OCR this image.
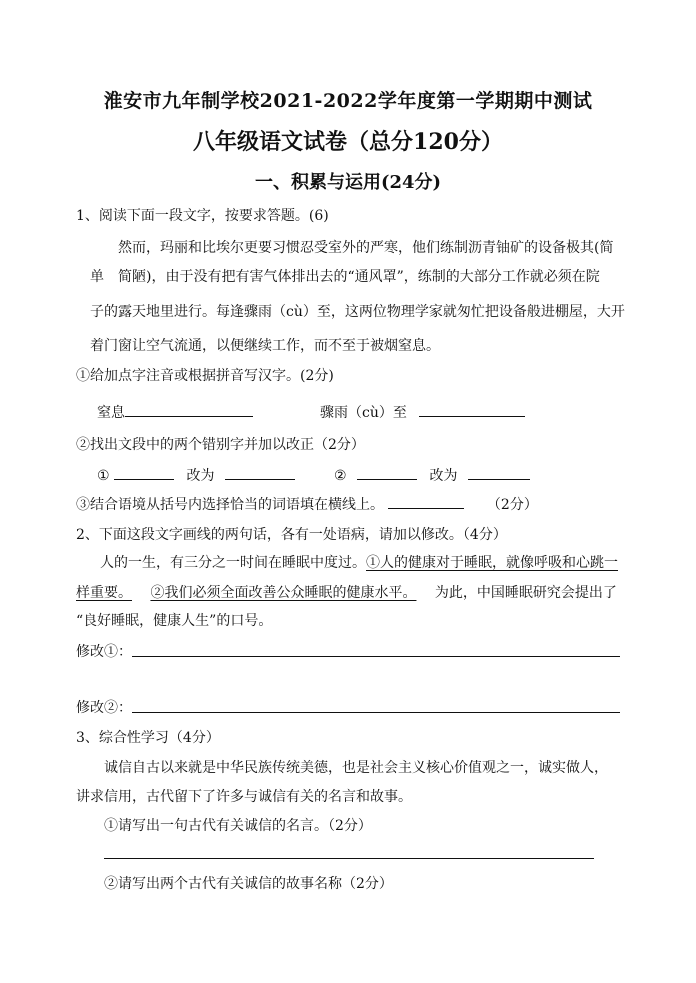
淮安市九年制学校2021-2022学年度第一学期期中测试
八年级语文试卷（总分120分）
一、积累与运用(24分)
1、阅读下面一段文字，按要求答题。(6)
然而，玛丽和比埃尔更要习惯忍受室外的严寒，他们练制沥青铀矿的设备极其(简
单　简陋)，由于没有把有害气体排出去的“通风罩”，练制的大部分工作就必须在院
子的露天地里进行。每逢骤雨（cù）至，这两位物理学家就匆忙把设备般进棚屋，大开
着门窗让空气流通，以便继续工作，而不至于被烟窒息。
①给加点字注音或根据拼音写汉字。(2分)
窒息	骤雨（cù）至
②找出文段中的两个错别字并加以改正（2分）
①	改为	②	改为
③结合语境从括号内选择恰当的词语填在横线上。	（2分）
2、下面这段文字画线的两句话，各有一处语病，请加以修改。（4分）
人的一生，有三分之一时间在睡眠中度过。①人的健康对于睡眠，就像呼吸和心跳一
样重要。 ②我们必须全面改善公众睡眠的健康水平。 为此，中国睡眠研究会提出了
“良好睡眠，健康人生”的口号。
修改①：
修改②：
3、综合性学习（4分）
诚信自古以来就是中华民族传统美德，也是社会主义核心价值观之一，诚实做人，
讲求信用，古代留下了许多与诚信有关的名言和故事。
①请写出一句古代有关诚信的名言。（2分）
②请写出两个古代有关诚信的故事名称（2分）
